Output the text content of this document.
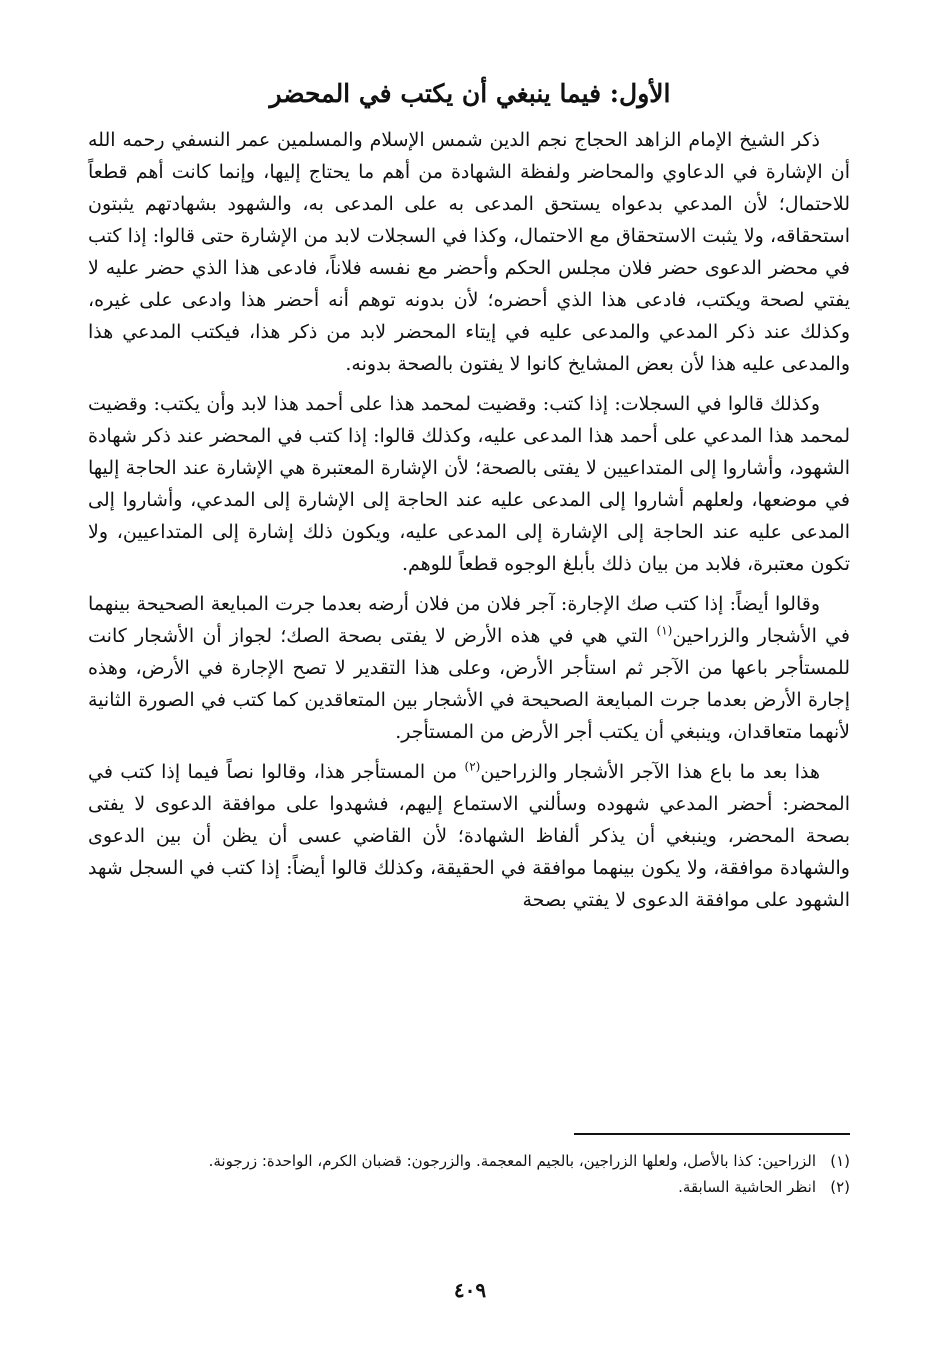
الأول: فيما ينبغي أن يكتب في المحضر

ذكر الشيخ الإمام الزاهد الحجاج نجم الدين شمس الإسلام والمسلمين عمر النسفي رحمه الله أن الإشارة في الدعاوي والمحاضر ولفظة الشهادة من أهم ما يحتاج إليها، وإنما كانت أهم قطعاً للاحتمال؛ لأن المدعي بدعواه يستحق المدعى به على المدعى به، والشهود بشهادتهم يثبتون استحقاقه، ولا يثبت الاستحقاق مع الاحتمال، وكذا في السجلات لابد من الإشارة حتى قالوا: إذا كتب في محضر الدعوى حضر فلان مجلس الحكم وأحضر مع نفسه فلاناً، فادعى هذا الذي حضر عليه لا يفتي لصحة ويكتب، فادعى هذا الذي أحضره؛ لأن بدونه توهم أنه أحضر هذا وادعى على غيره، وكذلك عند ذكر المدعي والمدعى عليه في إيتاء المحضر لابد من ذكر هذا، فيكتب المدعي هذا والمدعى عليه هذا لأن بعض المشايخ كانوا لا يفتون بالصحة بدونه.

وكذلك قالوا في السجلات: إذا كتب: وقضيت لمحمد هذا على أحمد هذا لابد وأن يكتب: وقضيت لمحمد هذا المدعي على أحمد هذا المدعى عليه، وكذلك قالوا: إذا كتب في المحضر عند ذكر شهادة الشهود، وأشاروا إلى المتداعيين لا يفتى بالصحة؛ لأن الإشارة المعتبرة هي الإشارة عند الحاجة إليها في موضعها، ولعلهم أشاروا إلى المدعى عليه عند الحاجة إلى الإشارة إلى المدعي، وأشاروا إلى المدعى عليه عند الحاجة إلى الإشارة إلى المدعى عليه، ويكون ذلك إشارة إلى المتداعيين، ولا تكون معتبرة، فلابد من بيان ذلك بأبلغ الوجوه قطعاً للوهم.

وقالوا أيضاً: إذا كتب صك الإجارة: آجر فلان من فلان أرضه بعدما جرت المبايعة الصحيحة بينهما في الأشجار والزراحين$^{(١)}$ التي هي في هذه الأرض لا يفتى بصحة الصك؛ لجواز أن الأشجار كانت للمستأجر باعها من الآجر ثم استأجر الأرض، وعلى هذا التقدير لا تصح الإجارة في الأرض، وهذه إجارة الأرض بعدما جرت المبايعة الصحيحة في الأشجار بين المتعاقدين كما كتب في الصورة الثانية لأنهما متعاقدان، وينبغي أن يكتب أجر الأرض من المستأجر.

هذا بعد ما باع هذا الآجر الأشجار والزراحين$^{(٢)}$ من المستأجر هذا، وقالوا نصاً فيما إذا كتب في المحضر: أحضر المدعي شهوده وسألني الاستماع إليهم، فشهدوا على موافقة الدعوى لا يفتى بصحة المحضر، وينبغي أن يذكر ألفاظ الشهادة؛ لأن القاضي عسى أن يظن أن بين الدعوى والشهادة موافقة، ولا يكون بينهما موافقة في الحقيقة، وكذلك قالوا أيضاً: إذا كتب في السجل شهد الشهود على موافقة الدعوى لا يفتي بصحة

(١)
الزراحين: كذا بالأصل، ولعلها الزراجين، بالجيم المعجمة. والزرجون: قضبان الكرم، الواحدة: زرجونة.
(٢)
انظر الحاشية السابقة.
٤٠٩
